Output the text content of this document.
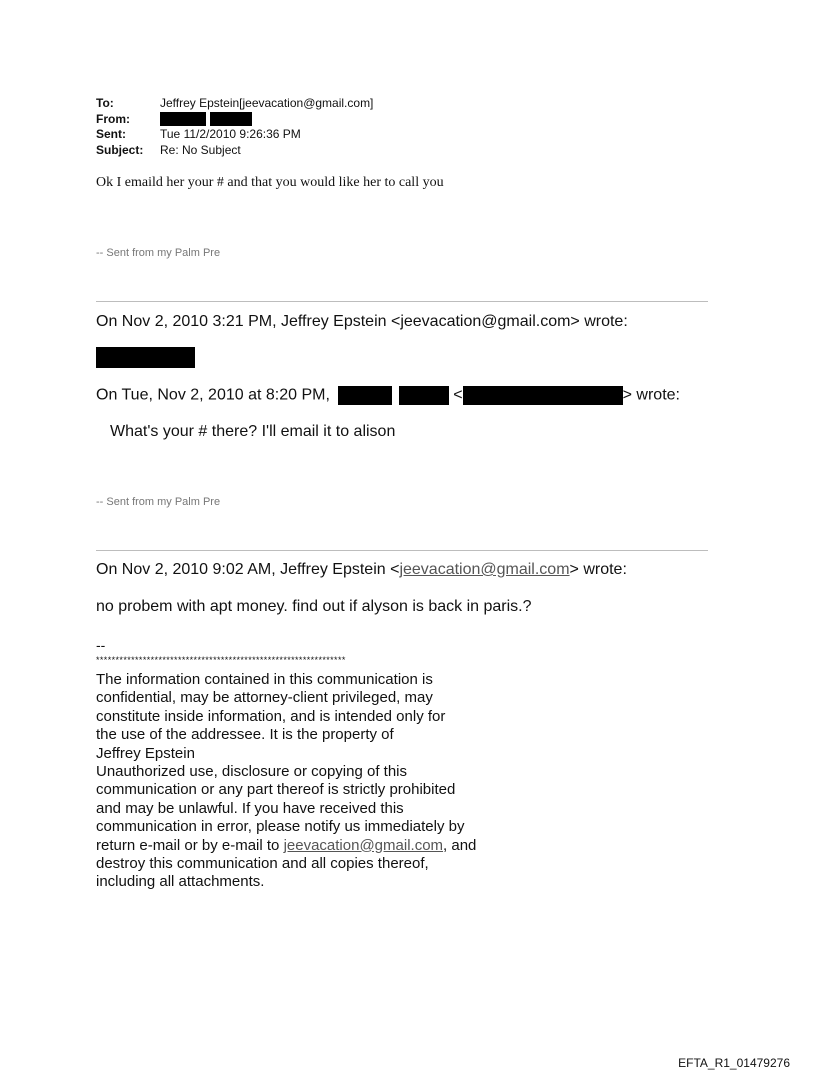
To:	Jeffrey Epstein[jeevacation@gmail.com]
From:
Sent:	Tue 11/2/2010 9:26:36 PM
Subject:	Re: No Subject
Ok I emaild her your # and that you would like her to call you
-- Sent from my Palm Pre
On Nov 2, 2010 3:21 PM, Jeffrey Epstein <jeevacation@gmail.com> wrote:
On Tue, Nov 2, 2010 at 8:20 PM,	<	> wrote:
What's your # there? I'll email it to alison
-- Sent from my Palm Pre
On Nov 2, 2010 9:02 AM, Jeffrey Epstein <jeevacation@gmail.com> wrote:
no probem with apt money. find out if alyson is back in paris.?
--
****************************************************************
The information contained in this communication is
confidential, may be attorney-client privileged, may
constitute inside information, and is intended only for
the use of the addressee. It is the property of
Jeffrey Epstein
Unauthorized use, disclosure or copying of this
communication or any part thereof is strictly prohibited
and may be unlawful. If you have received this
communication in error, please notify us immediately by
return e-mail or by e-mail to jeevacation@gmail.com, and
destroy this communication and all copies thereof,
including all attachments.
EFTA_R1_01479276
